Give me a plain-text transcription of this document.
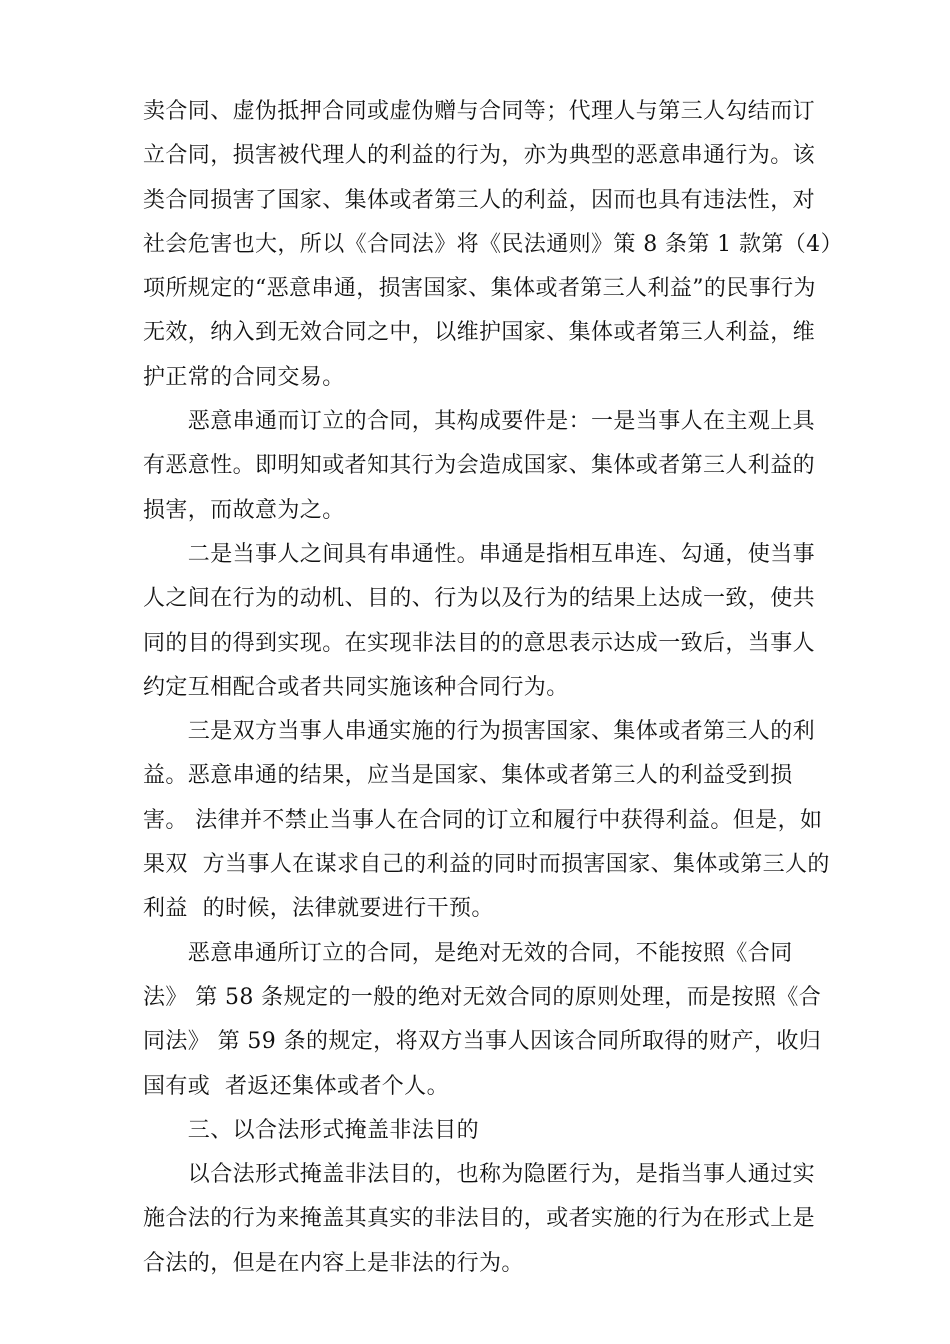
卖合同、虚伪抵押合同或虚伪赠与合同等；代理人与第三人勾结而订
立合同，损害被代理人的利益的行为，亦为典型的恶意串通行为。该
类合同损害了国家、集体或者第三人的利益，因而也具有违法性，对
社会危害也大，所以《合同法》将《民法通则》策 8 条第 1 款第（4）
项所规定的“恶意串通，损害国家、集体或者第三人利益”的民事行为
无效，纳入到无效合同之中，以维护国家、集体或者第三人利益，维
护正常的合同交易。
　　恶意串通而订立的合同，其构成要件是：一是当事人在主观上具
有恶意性。即明知或者知其行为会造成国家、集体或者第三人利益的
损害，而故意为之。
　　二是当事人之间具有串通性。串通是指相互串连、勾通，使当事
人之间在行为的动机、目的、行为以及行为的结果上达成一致，使共
同的目的得到实现。在实现非法目的的意思表示达成一致后，当事人
约定互相配合或者共同实施该种合同行为。
　　三是双方当事人串通实施的行为损害国家、集体或者第三人的利
益。恶意串通的结果，应当是国家、集体或者第三人的利益受到损
害。 法律并不禁止当事人在合同的订立和履行中获得利益。但是，如
果双  方当事人在谋求自己的利益的同时而损害国家、集体或第三人的
利益  的时候，法律就要进行干预。
　　恶意串通所订立的合同，是绝对无效的合同，不能按照《合同
法》 第 58 条规定的一般的绝对无效合同的原则处理，而是按照《合
同法》 第 59 条的规定，将双方当事人因该合同所取得的财产，收归
国有或  者返还集体或者个人。
　　三、以合法形式掩盖非法目的
　　以合法形式掩盖非法目的，也称为隐匿行为，是指当事人通过实
施合法的行为来掩盖其真实的非法目的，或者实施的行为在形式上是
合法的，但是在内容上是非法的行为。
